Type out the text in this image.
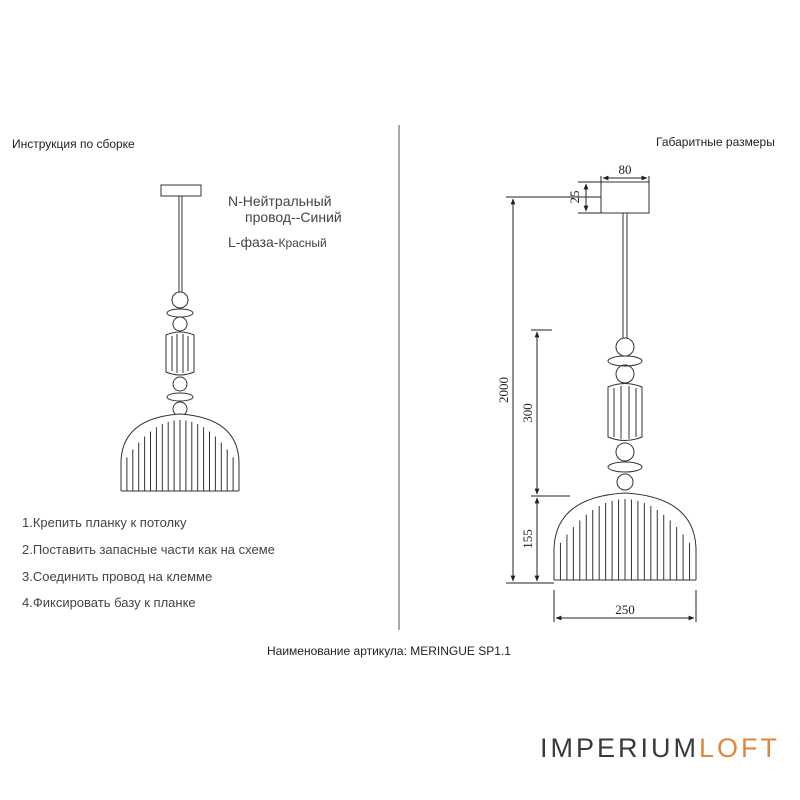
Инструкция по сборке	Габаритные размеры
N-Нейтральный
провод--Синий
L-фаза-Красный
1.Крепить планку к потолку
2.Поставить запасные части как на схеме
3.Соединить провод на клемме
4.Фиксировать базу к планке
Наименование артикула: MERINGUE SP1.1
IMPERIUMLOFT
80
25
2000
300
155
250
